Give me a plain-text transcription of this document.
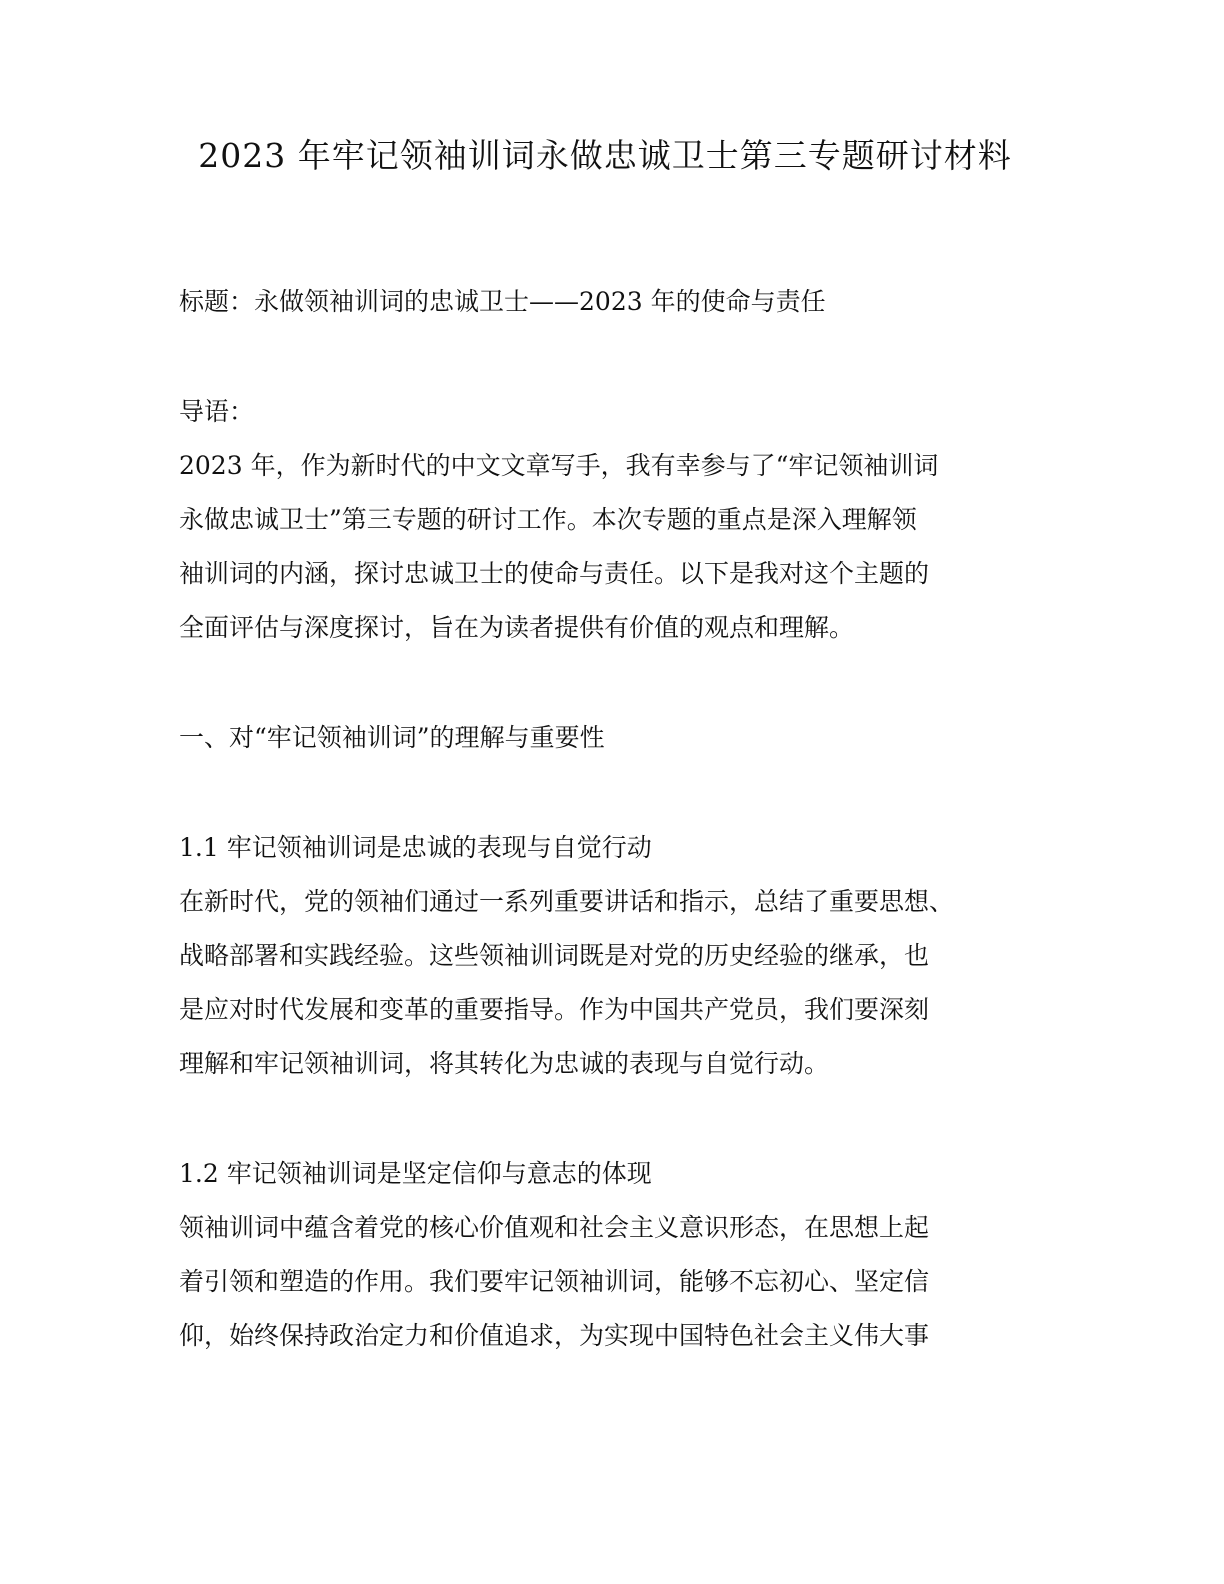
2023 年牢记领袖训词永做忠诚卫士第三专题研讨材料

标题：永做领袖训词的忠诚卫士——2023 年的使命与责任

导语：

2023 年，作为新时代的中文文章写手，我有幸参与了“牢记领袖训词

永做忠诚卫士”第三专题的研讨工作。本次专题的重点是深入理解领

袖训词的内涵，探讨忠诚卫士的使命与责任。以下是我对这个主题的

全面评估与深度探讨，旨在为读者提供有价值的观点和理解。

一、对“牢记领袖训词”的理解与重要性

1.1 牢记领袖训词是忠诚的表现与自觉行动

在新时代，党的领袖们通过一系列重要讲话和指示，总结了重要思想、

战略部署和实践经验。这些领袖训词既是对党的历史经验的继承，也

是应对时代发展和变革的重要指导。作为中国共产党员，我们要深刻

理解和牢记领袖训词，将其转化为忠诚的表现与自觉行动。

1.2 牢记领袖训词是坚定信仰与意志的体现

领袖训词中蕴含着党的核心价值观和社会主义意识形态，在思想上起

着引领和塑造的作用。我们要牢记领袖训词，能够不忘初心、坚定信

仰，始终保持政治定力和价值追求，为实现中国特色社会主义伟大事
